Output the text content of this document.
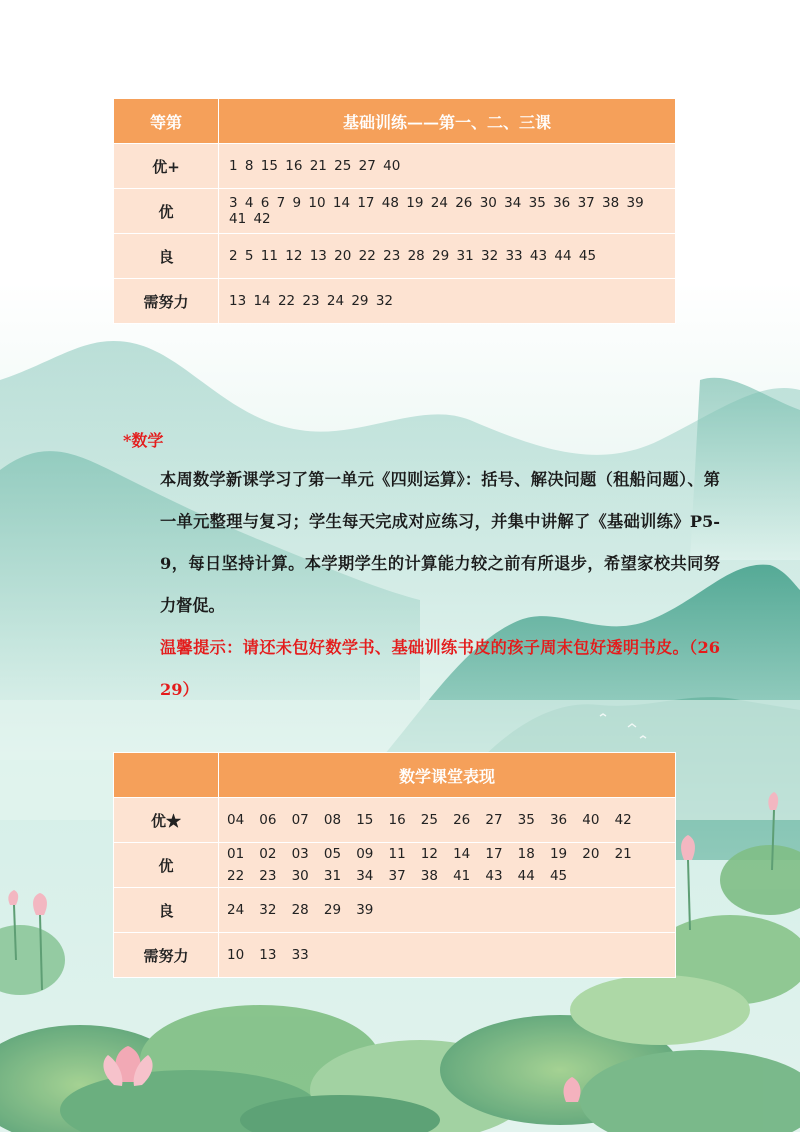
等第	基础训练——第一、二、三课
优+	1 8 15 16 21 25 27 40
优	3 4 6 7 9 10 14 17 48 19 24 26 30 34 35 36 37 38 39 41 42
良	2 5 11 12 13 20 22 23 28 29 31 32 33 43 44 45
需努力	13 14 22 23 24 29 32
*数学
本周数学新课学习了第一单元《四则运算》：括号、解决问题（租船问题）、第一单元整理与复习；学生每天完成对应练习，并集中讲解了《基础训练》P5-9，每日坚持计算。本学期学生的计算能力较之前有所退步，希望家校共同努力督促。
温馨提示：请还未包好数学书、基础训练书皮的孩子周末包好透明书皮。（26 29）
	数学课堂表现
优★	04 06 07 08 15 16 25 26 27 35 36 40 42
优	01 02 03 05 09 11 12 14 17 18 19 20 2122 23 30 31 34 37 38 41 43 44 45
良	24 32 28 29 39
需努力	10 13 33
